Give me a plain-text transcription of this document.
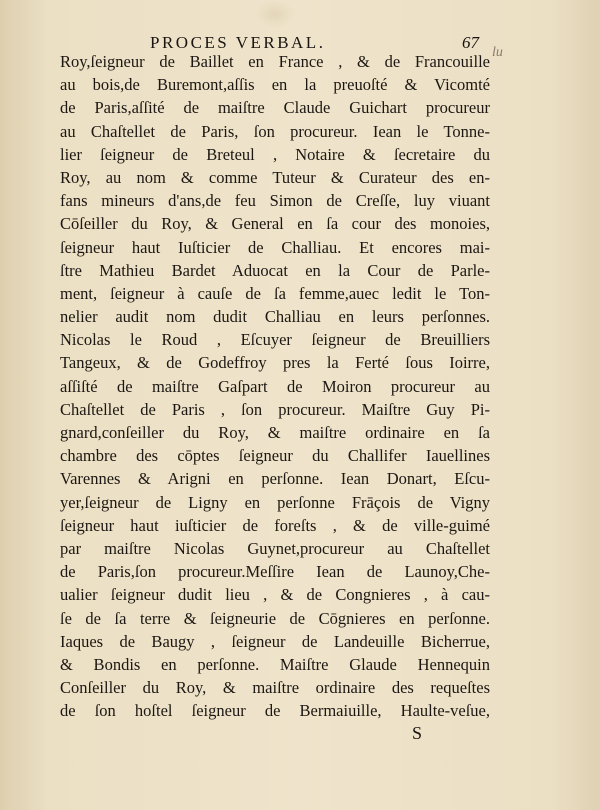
PROCES VERBAL.	67
lu
Roy,ſeigneur de Baillet en France , & de Francouille
au bois,de Buremont,aſſis en la preuoſté & Vicomté
de Paris,aſſité de maiſtre Claude Guichart procureur
au Chaſtellet de Paris, ſon procureur. Iean le Tonne-
lier ſeigneur de Breteul , Notaire & ſecretaire du
Roy, au nom & comme Tuteur & Curateur des en-
fans mineurs d'ans,de feu Simon de Creſſe, luy viuant
Cōſeiller du Roy, & General en ſa cour des monoies,
ſeigneur haut Iuſticier de Challiau. Et encores mai-
ſtre Mathieu Bardet Aduocat en la Cour de Parle-
ment, ſeigneur à cauſe de ſa femme,auec ledit le Ton-
nelier audit nom dudit Challiau en leurs perſonnes.
Nicolas le Roud , Eſcuyer ſeigneur de Breuilliers
Tangeux, & de Godeffroy pres la Ferté ſous Ioirre,
aſſiſté de maiſtre Gaſpart de Moiron procureur au
Chaſtellet de Paris , ſon procureur. Maiſtre Guy Pi-
gnard,conſeiller du Roy, & maiſtre ordinaire en ſa
chambre des cōptes ſeigneur du Challifer Iauellines
Varennes & Arigni en perſonne. Iean Donart, Eſcu-
yer,ſeigneur de Ligny en perſonne Frāçois de Vigny
ſeigneur haut iuſticier de foreſts , & de ville-guimé
par maiſtre Nicolas Guynet,procureur au Chaſtellet
de Paris,ſon procureur.Meſſire Iean de Launoy,Che-
ualier ſeigneur dudit lieu , & de Congnieres , à cau-
ſe de ſa terre & ſeigneurie de Cōgnieres en perſonne.
Iaques de Baugy , ſeigneur de Landeuille Bicherrue,
& Bondis en perſonne. Maiſtre Glaude Hennequin
Conſeiller du Roy, & maiſtre ordinaire des requeſtes
de ſon hoſtel ſeigneur de Bermaiuille, Haulte-veſue,
S
